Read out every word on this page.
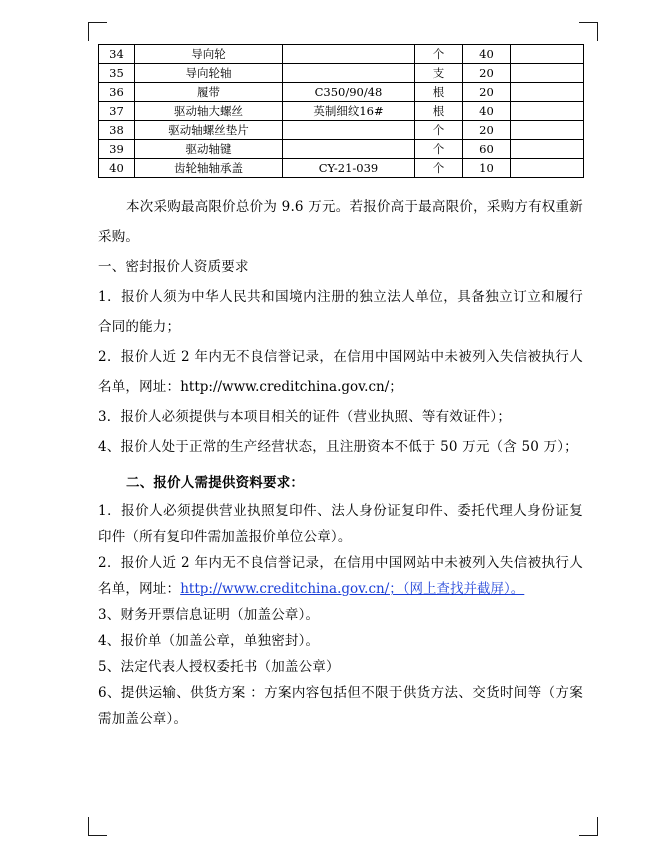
34	导向轮		个	40	
35	导向轮轴		支	20	
36	履带	C350/90/48	根	20	
37	驱动轴大螺丝	英制细纹16#	根	40	
38	驱动轴螺丝垫片		个	20	
39	驱动轴键		个	60	
40	齿轮轴轴承盖	CY-21-039	个	10	

本次采购最高限价总价为 9.6 万元。若报价高于最高限价，采购方有权重新采购。

一、密封报价人资质要求

1．报价人须为中华人民共和国境内注册的独立法人单位，具备独立订立和履行合同的能力；

2．报价人近 2 年内无不良信誉记录，在信用中国网站中未被列入失信被执行人名单，网址：http://www.creditchina.gov.cn/；

3．报价人必须提供与本项目相关的证件（营业执照、等有效证件）；

4、报价人处于正常的生产经营状态，且注册资本不低于 50 万元（含 50 万）；

二、报价人需提供资料要求：

1．报价人必须提供营业执照复印件、法人身份证复印件、委托代理人身份证复印件（所有复印件需加盖报价单位公章）。

2．报价人近 2 年内无不良信誉记录，在信用中国网站中未被列入失信被执行人名单，网址：http://www.creditchina.gov.cn/；（网上查找并截屏）。

3、财务开票信息证明（加盖公章）。

4、报价单（加盖公章，单独密封）。

5、法定代表人授权委托书（加盖公章）

6、提供运输、供货方案 ：方案内容包括但不限于供货方法、交货时间等（方案需加盖公章）。
